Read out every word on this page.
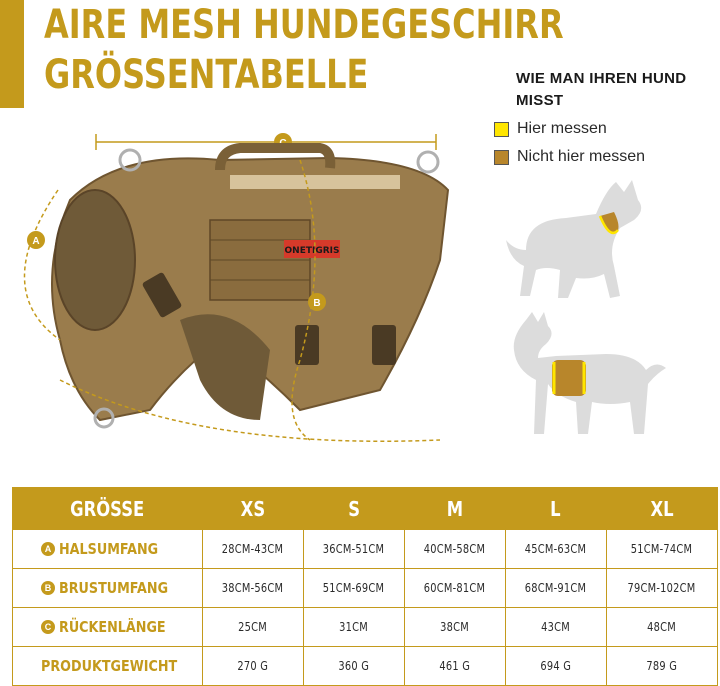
AIRE MESH HUNDEGESCHIRR
GRÖSSENTABELLE	WIE MAN IHREN HUND MISST
Hier messen
Nicht hier messen
C
ONETIGRIS
A
B
GRÖSSE	XS	S	M	L	XL
A HALSUMFANG	28CM-43CM	36CM-51CM	40CM-58CM	45CM-63CM	51CM-74CM
B BRUSTUMFANG	38CM-56CM	51CM-69CM	60CM-81CM	68CM-91CM	79CM-102CM
C RÜCKENLÄNGE	25CM	31CM	38CM	43CM	48CM
PRODUKTGEWICHT	270 G	360 G	461 G	694 G	789 G
